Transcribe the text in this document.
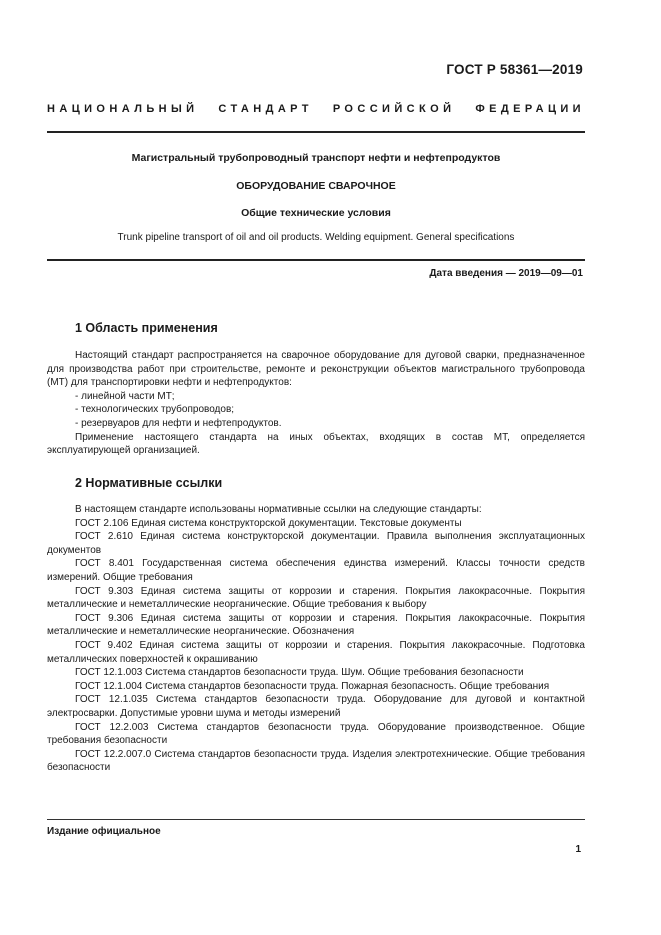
ГОСТ Р 58361—2019
НАЦИОНАЛЬНЫЙ СТАНДАРТ РОССИЙСКОЙ ФЕДЕРАЦИИ
Магистральный трубопроводный транспорт нефти и нефтепродуктов
ОБОРУДОВАНИЕ СВАРОЧНОЕ
Общие технические условия
Trunk pipeline transport of oil and oil products. Welding equipment. General specifications
Дата введения — 2019—09—01
1 Область применения

Настоящий стандарт распространяется на сварочное оборудование для дуговой сварки, предназначенное для производства работ при строительстве, ремонте и реконструкции объектов магистрального трубопровода (МТ) для транспортировки нефти и нефтепродуктов:

- линейной части МТ;

- технологических трубопроводов;

- резервуаров для нефти и нефтепродуктов.

Применение настоящего стандарта на иных объектах, входящих в состав МТ, определяется эксплуатирующей организацией.

2 Нормативные ссылки

В настоящем стандарте использованы нормативные ссылки на следующие стандарты:

ГОСТ 2.106 Единая система конструкторской документации. Текстовые документы

ГОСТ 2.610 Единая система конструкторской документации. Правила выполнения эксплуатационных документов

ГОСТ 8.401 Государственная система обеспечения единства измерений. Классы точности средств измерений. Общие требования

ГОСТ 9.303 Единая система защиты от коррозии и старения. Покрытия лакокрасочные. Покрытия металлические и неметаллические неорганические. Общие требования к выбору

ГОСТ 9.306 Единая система защиты от коррозии и старения. Покрытия лакокрасочные. Покрытия металлические и неметаллические неорганические. Обозначения

ГОСТ 9.402 Единая система защиты от коррозии и старения. Покрытия лакокрасочные. Подготовка металлических поверхностей к окрашиванию

ГОСТ 12.1.003 Система стандартов безопасности труда. Шум. Общие требования безопасности

ГОСТ 12.1.004 Система стандартов безопасности труда. Пожарная безопасность. Общие требования

ГОСТ 12.1.035 Система стандартов безопасности труда. Оборудование для дуговой и контактной электросварки. Допустимые уровни шума и методы измерений

ГОСТ 12.2.003 Система стандартов безопасности труда. Оборудование производственное. Общие требования безопасности

ГОСТ 12.2.007.0 Система стандартов безопасности труда. Изделия электротехнические. Общие требования безопасности

Издание официальное
1
